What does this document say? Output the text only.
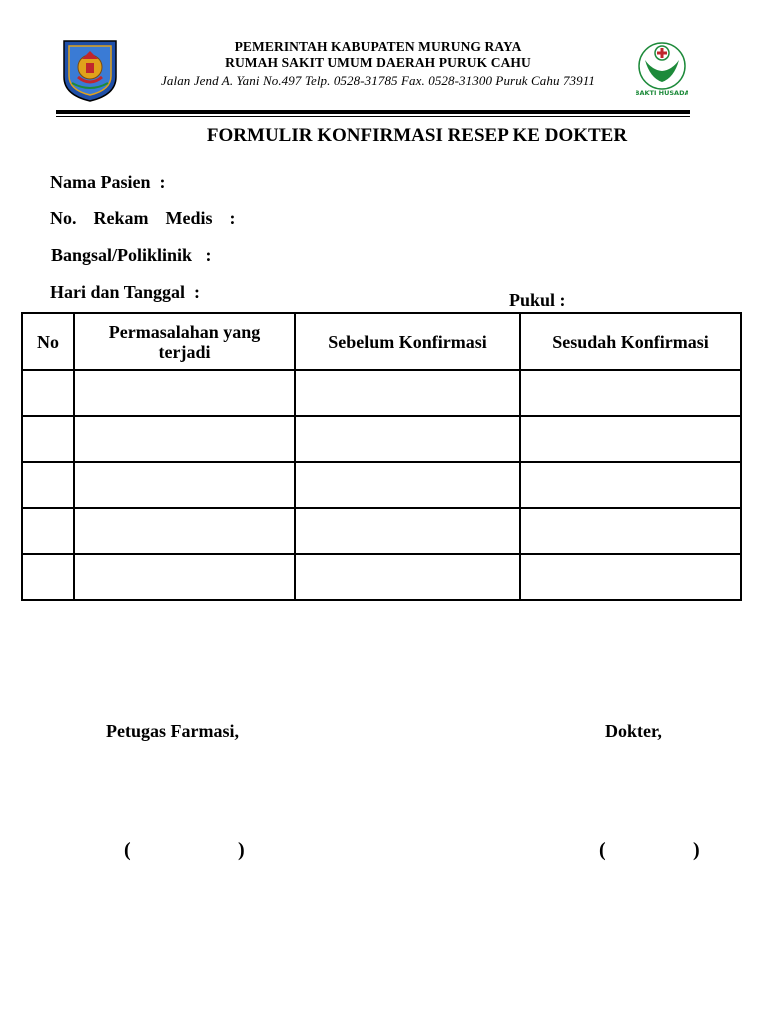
PEMERINTAH KABUPATEN MURUNG RAYA
RUMAH SAKIT UMUM DAERAH PURUK CAHU
Jalan Jend A. Yani No.497 Telp. 0528-31785 Fax. 0528-31300 Puruk Cahu 73911
BAKTI HUSADA
FORMULIR KONFIRMASI RESEP KE DOKTER
Nama Pasien  :
No.  Rekam  Medis  :
Bangsal/Poliklinik   :
Hari dan Tanggal  :	Pukul :
No	Permasalahan yang terjadi	Sebelum Konfirmasi	Sesudah Konfirmasi

Petugas Farmasi,	Dokter,
(	)	(	)
